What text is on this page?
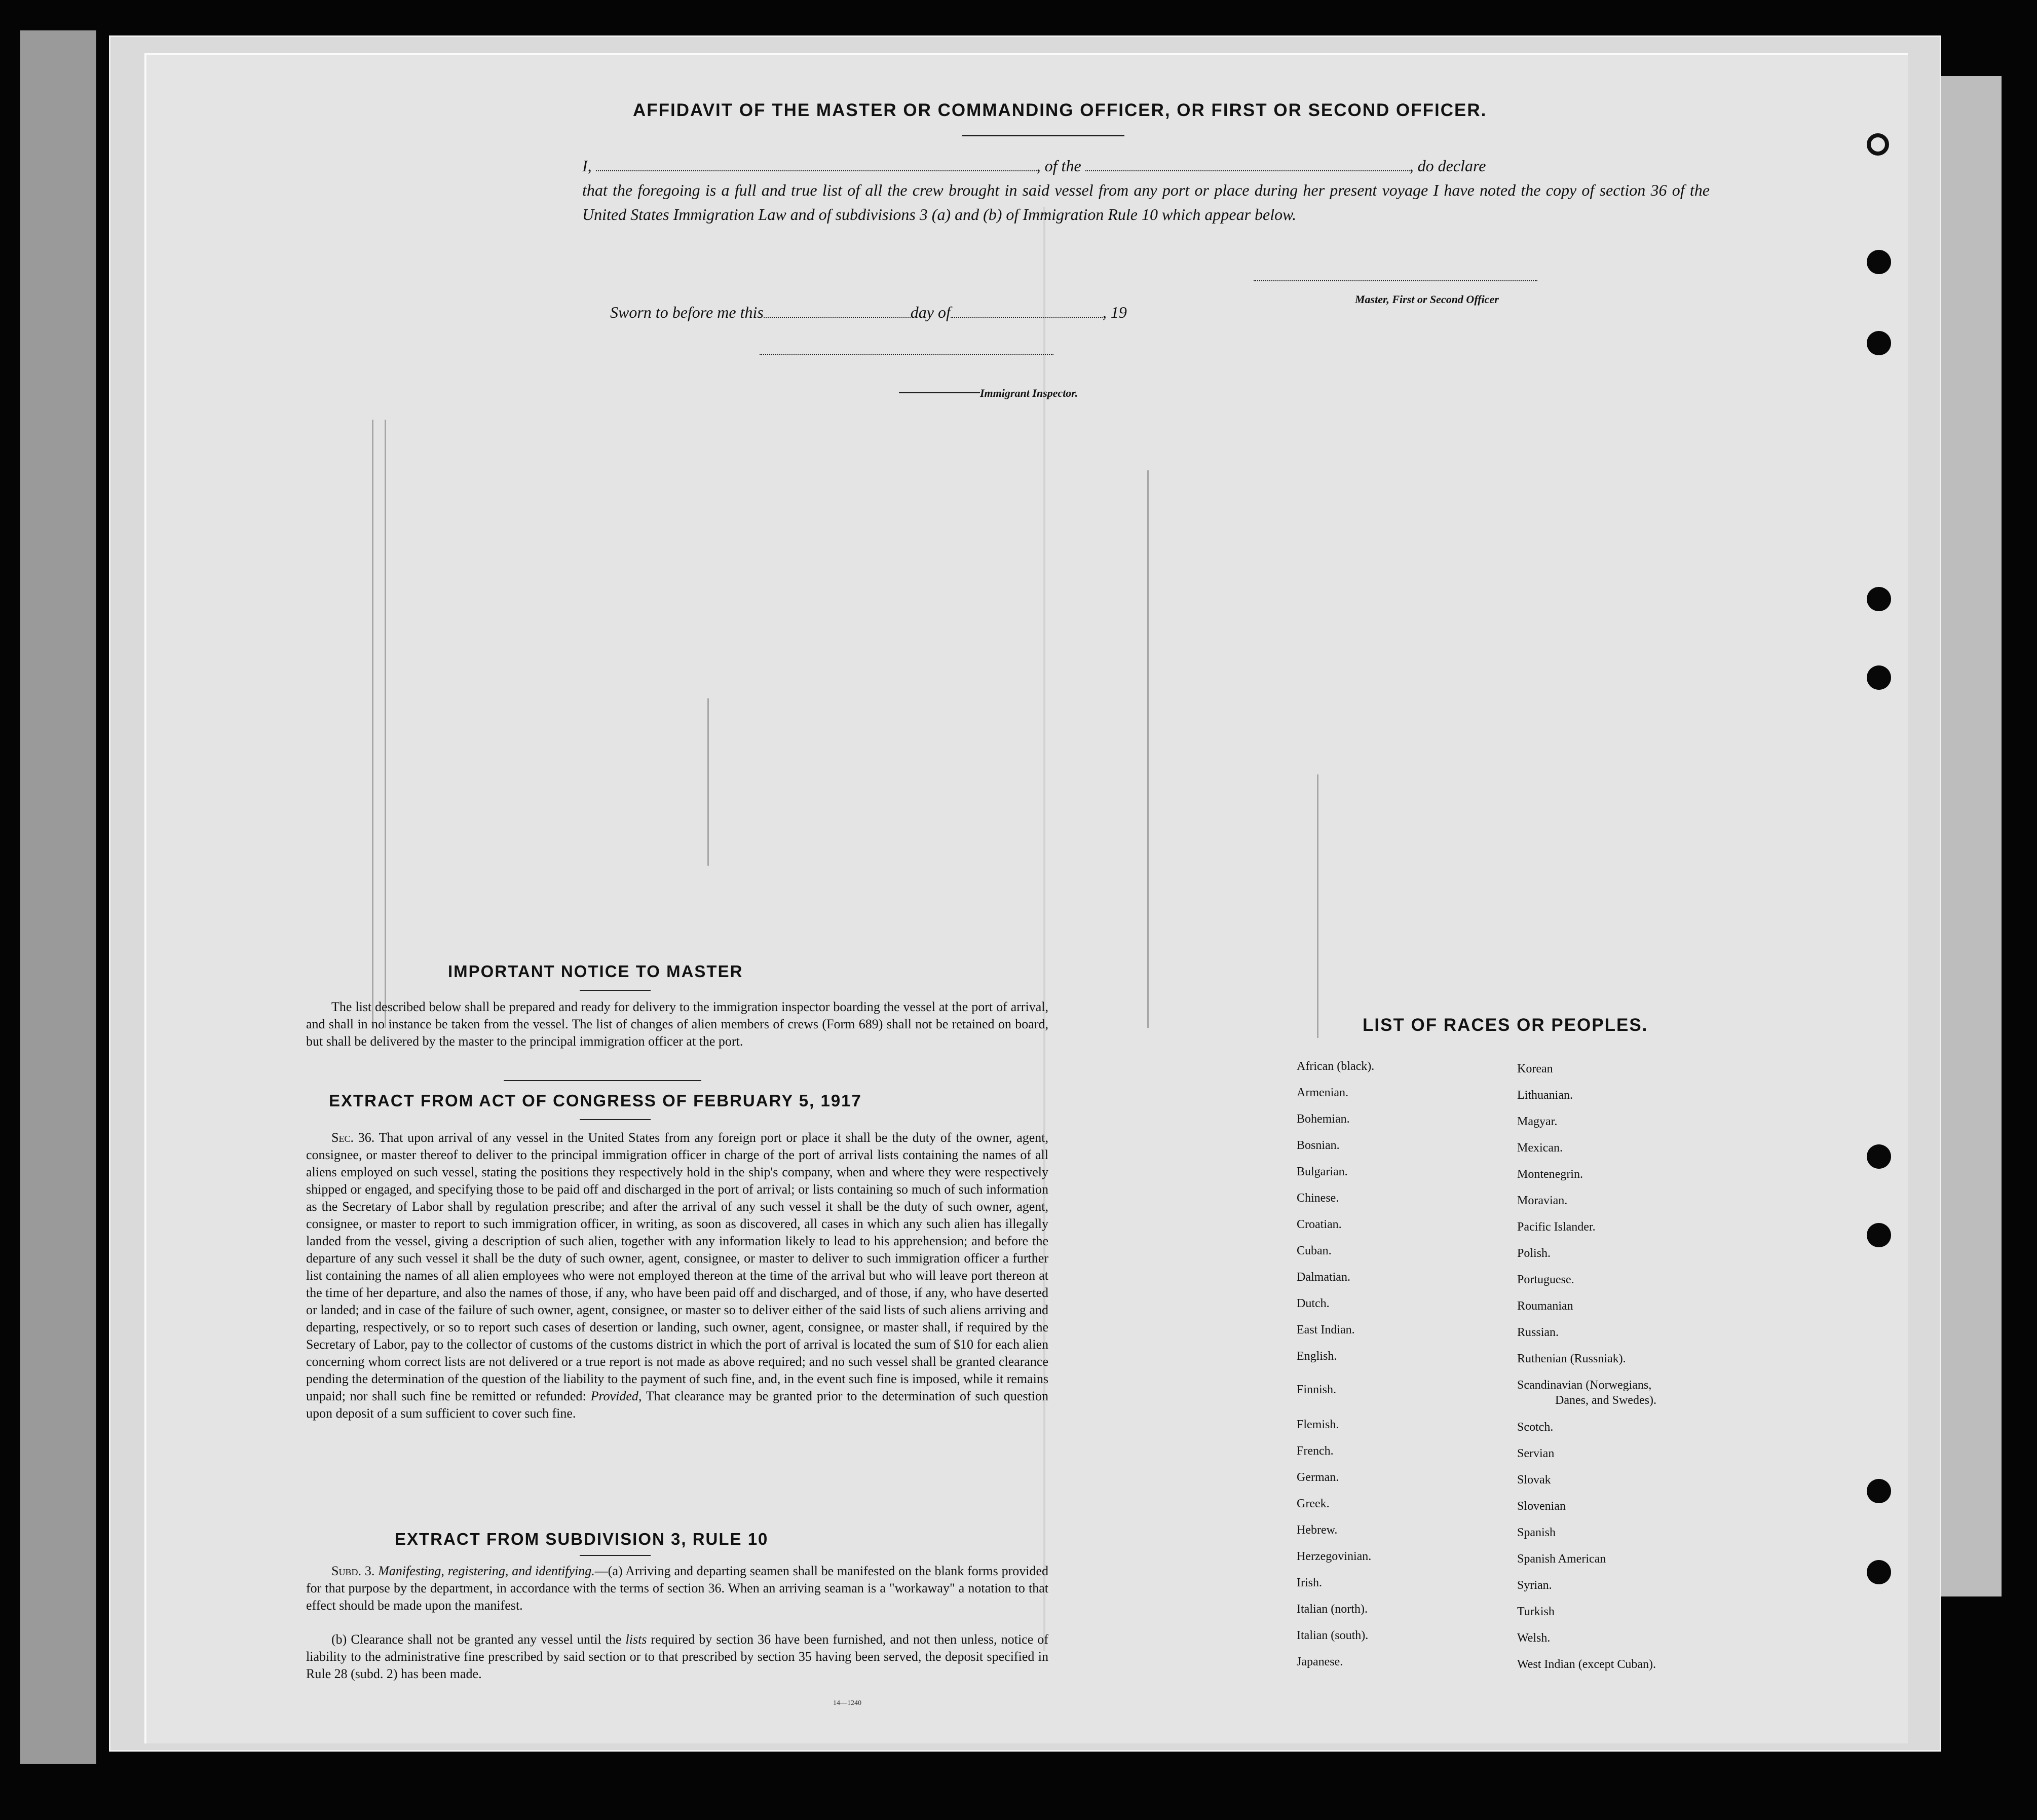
AFFIDAVIT OF THE MASTER OR COMMANDING OFFICER, OR FIRST OR SECOND OFFICER.
I,	, of the	, do declare

that the foregoing is a full and true list of all the crew brought in said vessel from any port or place during her present voyage I have noted the copy of section 36 of the United States Immigration Law and of subdivisions 3 (a) and (b) of Immigration Rule 10 which appear below.

Master, First or Second Officer

Sworn to before me this	day of	, 19

Immigrant Inspector.

IMPORTANT NOTICE TO MASTER

The list described below shall be prepared and ready for delivery to the immigration inspector boarding the vessel at the port of arrival, and shall in no instance be taken from the vessel. The list of changes of alien members of crews (Form 689) shall not be retained on board, but shall be delivered by the master to the principal immigration officer at the port.

EXTRACT FROM ACT OF CONGRESS OF FEBRUARY 5, 1917

Sec. 36. That upon arrival of any vessel in the United States from any foreign port or place it shall be the duty of the owner, agent, consignee, or master thereof to deliver to the principal immigration officer in charge of the port of arrival lists containing the names of all aliens employed on such vessel, stating the positions they respectively hold in the ship's company, when and where they were respectively shipped or engaged, and specifying those to be paid off and discharged in the port of arrival; or lists containing so much of such information as the Secretary of Labor shall by regulation prescribe; and after the arrival of any such vessel it shall be the duty of such owner, agent, consignee, or master to report to such immigration officer, in writing, as soon as discovered, all cases in which any such alien has illegally landed from the vessel, giving a description of such alien, together with any information likely to lead to his apprehension; and before the departure of any such vessel it shall be the duty of such owner, agent, consignee, or master to deliver to such immigration officer a further list containing the names of all alien employees who were not employed thereon at the time of the arrival but who will leave port thereon at the time of her departure, and also the names of those, if any, who have been paid off and discharged, and of those, if any, who have deserted or landed; and in case of the failure of such owner, agent, consignee, or master so to deliver either of the said lists of such aliens arriving and departing, respectively, or so to report such cases of desertion or landing, such owner, agent, consignee, or master shall, if required by the Secretary of Labor, pay to the collector of customs of the customs district in which the port of arrival is located the sum of $10 for each alien concerning whom correct lists are not delivered or a true report is not made as above required; and no such vessel shall be granted clearance pending the determination of the question of the liability to the payment of such fine, and, in the event such fine is imposed, while it remains unpaid; nor shall such fine be remitted or refunded: Provided, That clearance may be granted prior to the determination of such question upon deposit of a sum sufficient to cover such fine.

EXTRACT FROM SUBDIVISION 3, RULE 10

Subd. 3. Manifesting, registering, and identifying.—(a) Arriving and departing seamen shall be manifested on the blank forms provided for that purpose by the department, in accordance with the terms of section 36. When an arriving seaman is a "workaway" a notation to that effect should be made upon the manifest.

(b) Clearance shall not be granted any vessel until the lists required by section 36 have been furnished, and not then unless, notice of liability to the administrative fine prescribed by said section or to that prescribed by section 35 having been served, the deposit specified in Rule 28 (subd. 2) has been made.

14—1240

LIST OF RACES OR PEOPLES.
African (black).
Armenian.
Bohemian.
Bosnian.
Bulgarian.
Chinese.
Croatian.
Cuban.
Dalmatian.
Dutch.
East Indian.
English.
Finnish.
Flemish.
French.
German.
Greek.
Hebrew.
Herzegovinian.
Irish.
Italian (north).
Italian (south).
Japanese.
Korean
Lithuanian.
Magyar.
Mexican.
Montenegrin.
Moravian.
Pacific Islander.
Polish.
Portuguese.
Roumanian
Russian.
Ruthenian (Russniak).
Scandinavian (Norwegians,
Danes, and Swedes).
Scotch.
Servian
Slovak
Slovenian
Spanish
Spanish American
Syrian.
Turkish
Welsh.
West Indian (except Cuban).
